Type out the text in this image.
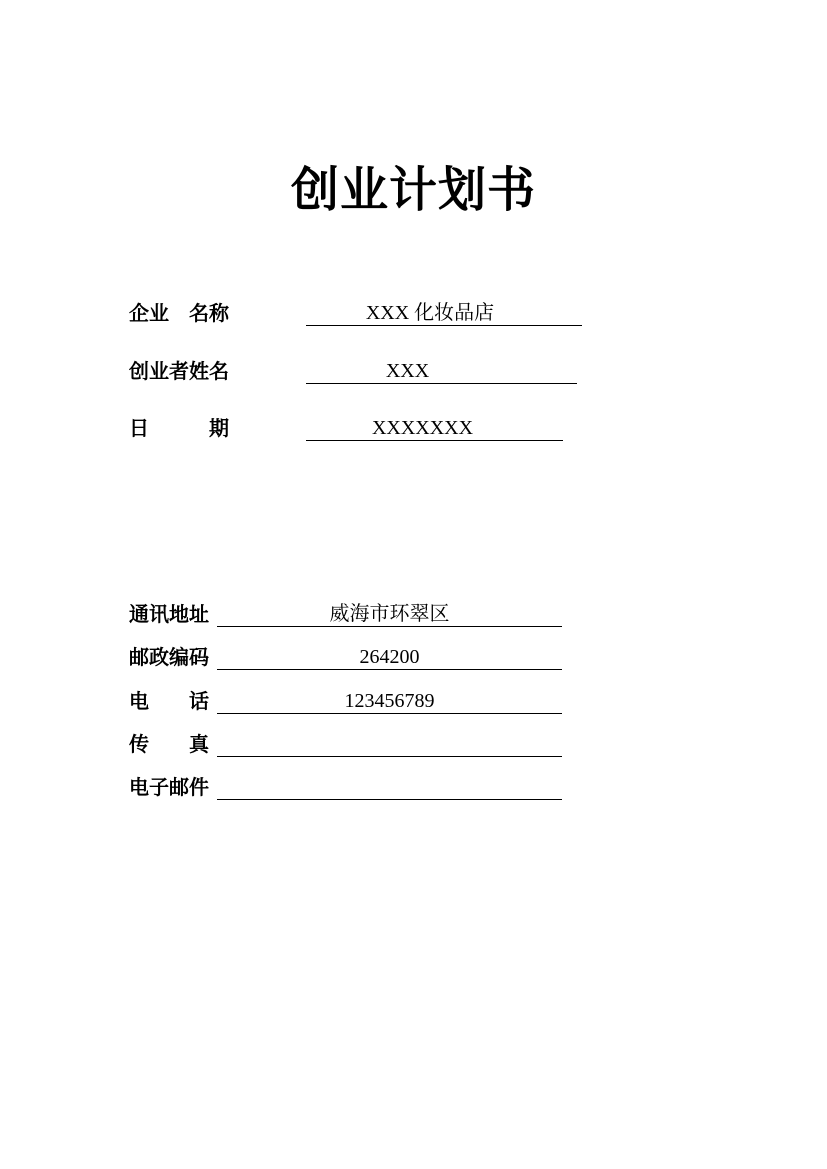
创业计划书
企业　名称	XXX 化妆品店
创业者姓名	XXX
日　　　期	XXXXXXX
通讯地址	威海市环翠区
邮政编码	264200
电　　话	123456789
传　　真
电子邮件
